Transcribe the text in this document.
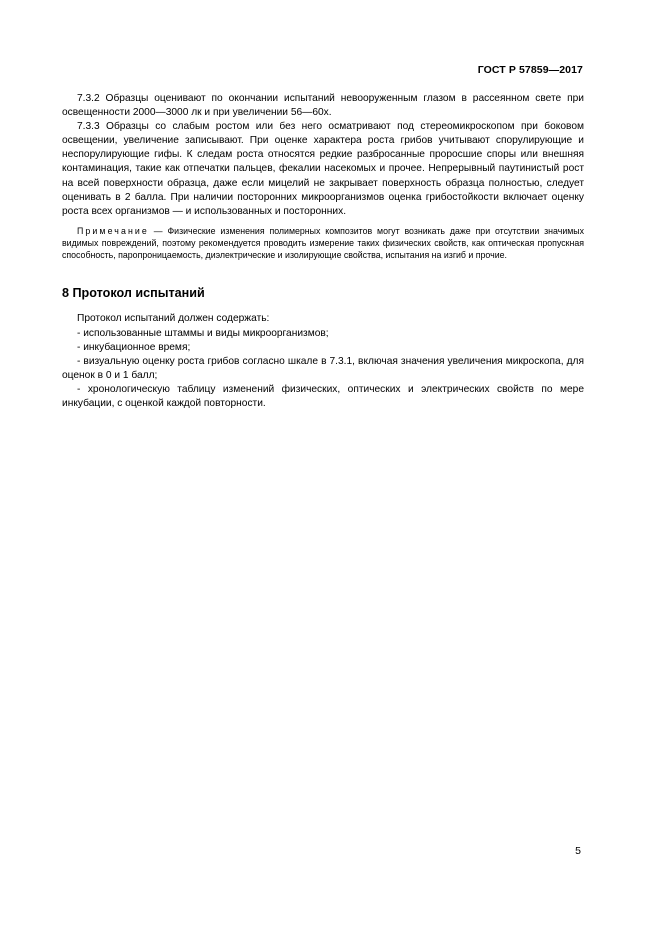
ГОСТ Р 57859—2017

7.3.2 Образцы оценивают по окончании испытаний невооруженным глазом в рассеянном свете при освещенности 2000—3000 лк и при увеличении 56—60х.

7.3.3 Образцы со слабым ростом или без него осматривают под стереомикроскопом при боковом освещении, увеличение записывают. При оценке характера роста грибов учитывают спорулирующие и неспорулирующие гифы. К следам роста относятся редкие разбросанные проросшие споры или внешняя контаминация, такие как отпечатки пальцев, фекалии насекомых и прочее. Непрерывный паутинистый рост на всей поверхности образца, даже если мицелий не закрывает поверхность образца полностью, следует оценивать в 2 балла. При наличии посторонних микроорганизмов оценка грибостойкости включает оценку роста всех организмов — и использованных и посторонних.

Примечание — Физические изменения полимерных композитов могут возникать даже при отсутствии значимых видимых повреждений, поэтому рекомендуется проводить измерение таких физических свойств, как оптическая пропускная способность, паропроницаемость, диэлектрические и изолирующие свойства, испытания на изгиб и прочие.

8 Протокол испытаний

Протокол испытаний должен содержать:

- использованные штаммы и виды микроорганизмов;

- инкубационное время;

- визуальную оценку роста грибов согласно шкале в 7.3.1, включая значения увеличения микроскопа, для оценок в 0 и 1 балл;

- хронологическую таблицу изменений физических, оптических и электрических свойств по мере инкубации, с оценкой каждой повторности.

5
